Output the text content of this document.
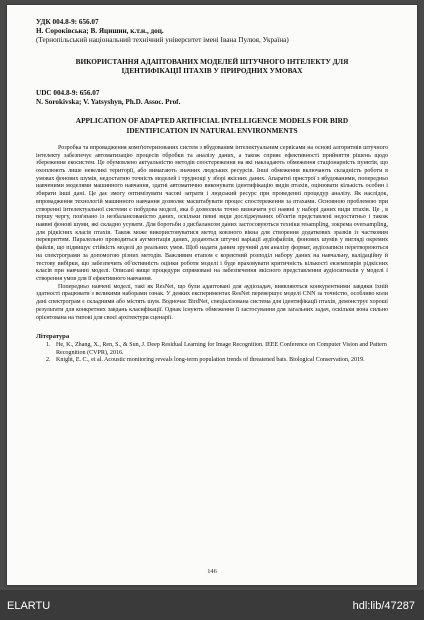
УДК 004.8-9: 656.07
Н. Сороківська; В. Яцишин, к.т.н., доц.
(Тернопільський національний технічний університет імені Івана Пулюя, Україна)
ВИКОРИСТАННЯ АДАПТОВАНИХ МОДЕЛЕЙ ШТУЧНОГО ІНТЕЛЕКТУ ДЛЯ
ІДЕНТИФІКАЦІЇ ПТАХІВ У ПРИРОДНИХ УМОВАХ
UDC 004.8-9: 656.07
N. Sorokivska; V. Yatsyshyn, Ph.D. Assoc. Prof.
APPLICATION OF ADAPTED ARTIFICIAL INTELLIGENCE MODELS FOR BIRD
IDENTIFICATION IN NATURAL ENVIRONMENTS

Розробка та впровадження комп'ютеризованих систем з вбудованим інтелектуальним сервісами на основі алгоритмів штучного інтелекту забезпечує автоматизацію процесів обробки та аналізу даних, а також сприяє ефективності прийняття рішень щодо збереження екосистем. Це обумовлено актуальністю методів спостереження на які накладають обмеження стаціонарність пунктів, що охоплюють лише невеликі території, або вимагають значних людських ресурсів. Інші обмеження включають складність роботи в умовах фонових шумів, недостатню точність моделей і труднощі у зборі якісних даних. Апаратні пристрої з вбудованими, попередньо навченими моделями машинного навчання, здатні автоматично виконувати ідентифікацію видів птахів, оцінювати кількість особин і збирати інші дані. Це дає змогу оптимізувати часові затрати і людський ресурс при проведенні процедур аналізу. Як наслідок, впровадження технологій машинного навчання дозволяє масштабувати процес спостереження за птахами. Основною проблемою при створенні інтелектуальної системи є побудова моделі, яка б дозволила точно визначати усі наявні у наборі даних види птахів. Це , в першу чергу, пов'язано із незбалансованістю даних, оскільки певні види досліджуваних об'єктів представлені недостатньо і також наявні фонові шуми, які складно усувати. Для боротьби з дисбалансом даних застосовуються техніки resampling, зокрема oversampling, для рідкісних класів птахів. Також може використовуватися метод ковзного вікна для створення додаткових зразків із частковим перекриттям. Паралельно проводиться аугментація даних, додаються штучні варіації аудіофайлів, фонових шумів у вигляді окремих файлів, що підвищує стійкість моделі до реальних умов. Щоб надати даним зручний для аналізу формат, аудіозаписи перетворюються на спектрограми за допомогою різних методів. Важливим етапом є коректний розподіл набору даних на навчальну, валідаційну й тестову вибірки, що забезпечить об'єктивність оцінки роботи моделі і буде враховувати критичність кількості екземплярів рідкісних класів при навчанні моделі. Описані вище процедури спрямовані на забезпечення якісного представлення аудіосигналів у моделі і створення умов для її ефективного навчання.

Попередньо навчені моделі, такі як ResNet, що були адаптовані для аудіозадач, виявляються конкурентними завдяки їхній здатності працювати з великими наборами ознак. У деяких експериментах ResNet перевершує моделі CNN за точністю, особливо коли дані спектрограм є складними або містять шум. Водночас BirdNet, спеціалізована система для ідентифікації птахів, демонструє хороші результати для конкретних завдань класифікації. Однак існують обмеження її застосування для загальних задач, оскільки вона сильно орієнтована на типові для своєї архітектури сценарії.

Література
1. He, K., Zhang, X., Ren, S., & Sun, J. Deep Residual Learning for Image Recognition. IEEE Conference on Computer Vision and Pattern Recognition (CVPR), 2016.
2. Knight, E. C., et al. Acoustic monitoring reveals long-term population trends of threatened bats. Biological Conservation, 2019.
146
ELARTU	hdl:lib/47287
